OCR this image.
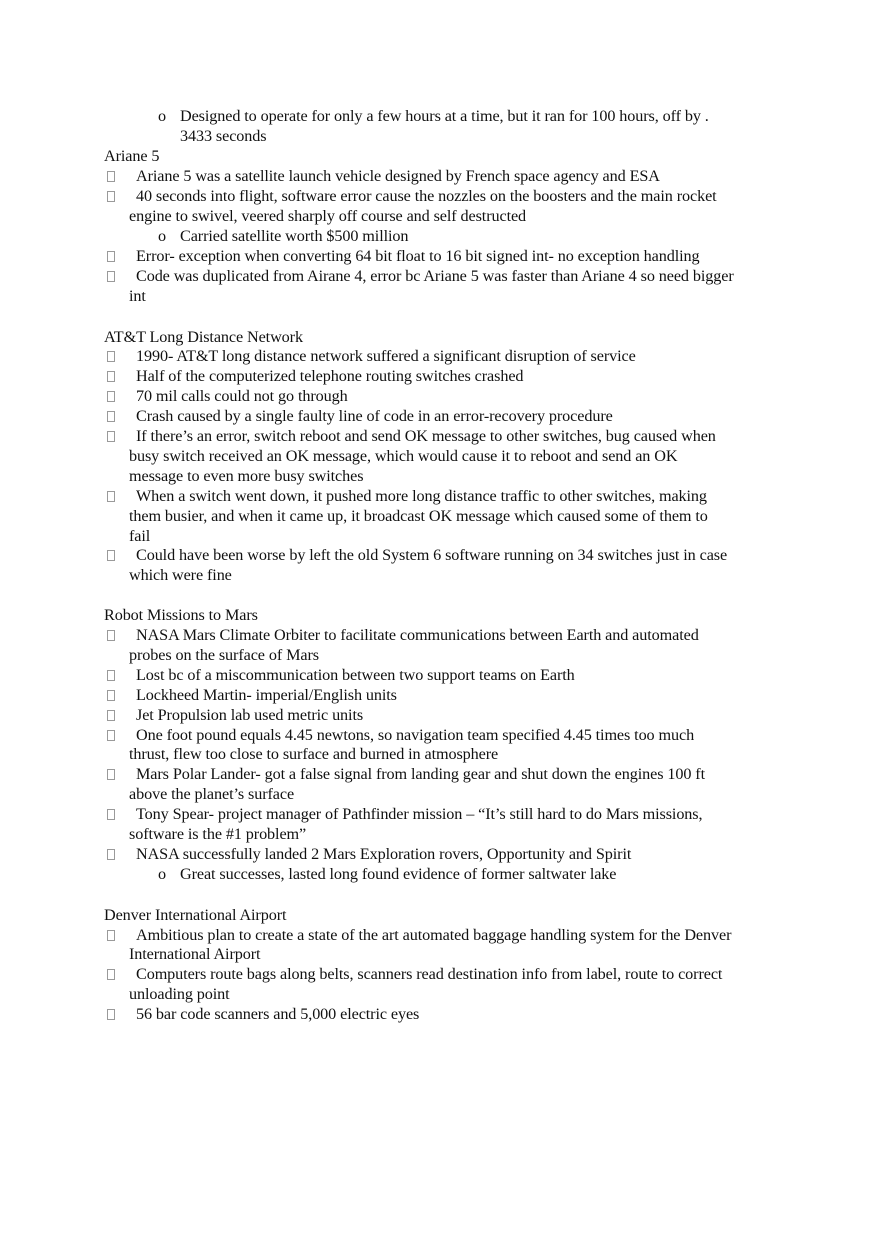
o Designed to operate for only a few hours at a time, but it ran for 100 hours, off by .
3433 seconds
Ariane 5
Ariane 5 was a satellite launch vehicle designed by French space agency and ESA
40 seconds into flight, software error cause the nozzles on the boosters and the main rocket
engine to swivel, veered sharply off course and self destructed
o Carried satellite worth $500 million
Error- exception when converting 64 bit float to 16 bit signed int- no exception handling
Code was duplicated from Airane 4, error bc Ariane 5 was faster than Ariane 4 so need bigger
int
AT&T Long Distance Network
1990- AT&T long distance network suffered a significant disruption of service
Half of the computerized telephone routing switches crashed
70 mil calls could not go through
Crash caused by a single faulty line of code in an error-recovery procedure
If there’s an error, switch reboot and send OK message to other switches, bug caused when
busy switch received an OK message, which would cause it to reboot and send an OK
message to even more busy switches
When a switch went down, it pushed more long distance traffic to other switches, making
them busier, and when it came up, it broadcast OK message which caused some of them to
fail
Could have been worse by left the old System 6 software running on 34 switches just in case
which were fine
Robot Missions to Mars
NASA Mars Climate Orbiter to facilitate communications between Earth and automated
probes on the surface of Mars
Lost bc of a miscommunication between two support teams on Earth
Lockheed Martin- imperial/English units
Jet Propulsion lab used metric units
One foot pound equals 4.45 newtons, so navigation team specified 4.45 times too much
thrust, flew too close to surface and burned in atmosphere
Mars Polar Lander- got a false signal from landing gear and shut down the engines 100 ft
above the planet’s surface
Tony Spear- project manager of Pathfinder mission – “It’s still hard to do Mars missions,
software is the #1 problem”
NASA successfully landed 2 Mars Exploration rovers, Opportunity and Spirit
o Great successes, lasted long found evidence of former saltwater lake
Denver International Airport
Ambitious plan to create a state of the art automated baggage handling system for the Denver
International Airport
Computers route bags along belts, scanners read destination info from label, route to correct
unloading point
56 bar code scanners and 5,000 electric eyes
